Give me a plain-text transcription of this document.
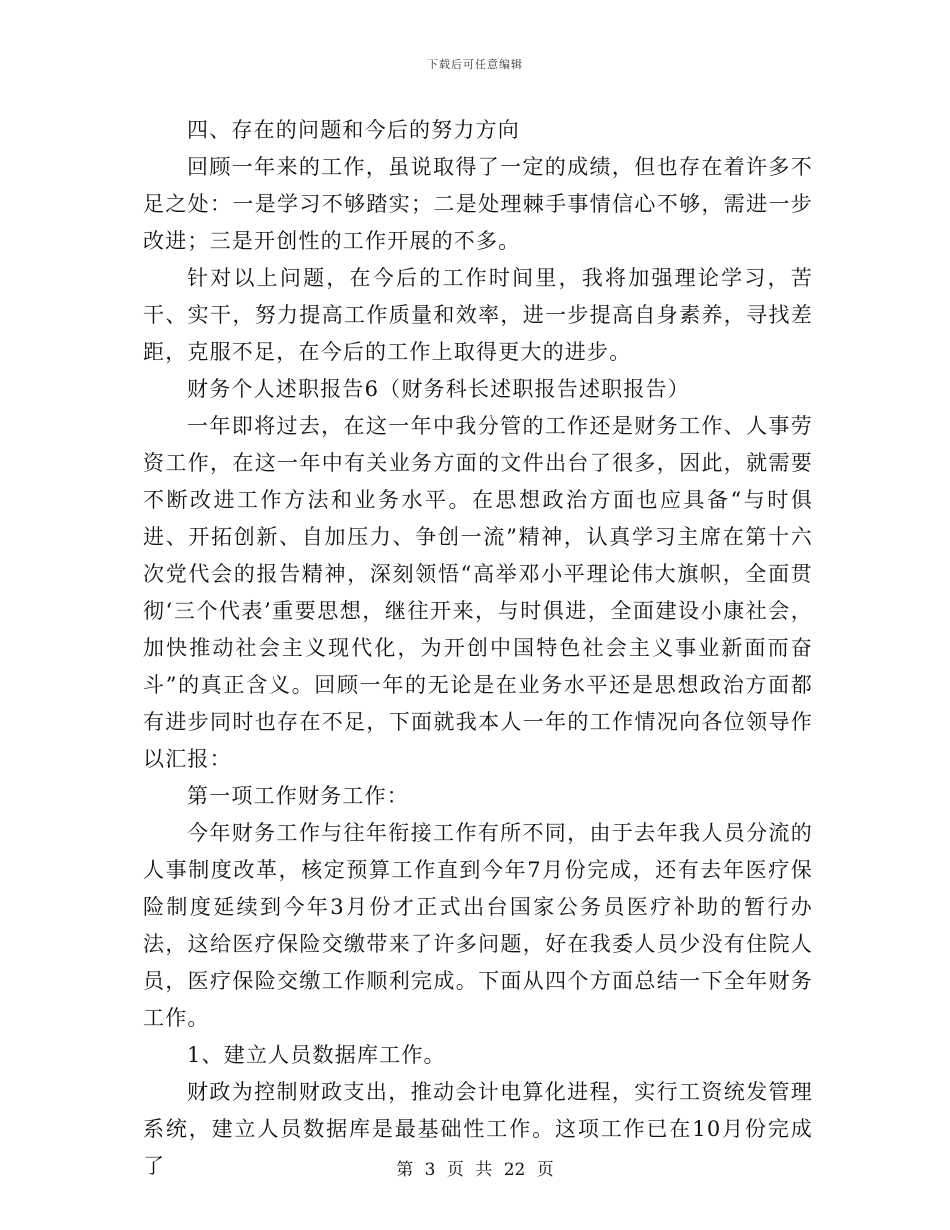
下载后可任意编辑

四、存在的问题和今后的努力方向

回顾一年来的工作，虽说取得了一定的成绩，但也存在着许多不足之处：一是学习不够踏实；二是处理棘手事情信心不够，需进一步改进；三是开创性的工作开展的不多。

针对以上问题，在今后的工作时间里，我将加强理论学习，苦干、实干，努力提高工作质量和效率，进一步提高自身素养，寻找差距，克服不足，在今后的工作上取得更大的进步。

财务个人述职报告6（财务科长述职报告述职报告）

一年即将过去，在这一年中我分管的工作还是财务工作、人事劳资工作，在这一年中有关业务方面的文件出台了很多，因此，就需要不断改进工作方法和业务水平。在思想政治方面也应具备“与时俱进、开拓创新、自加压力、争创一流”精神，认真学习主席在第十六次党代会的报告精神，深刻领悟“高举邓小平理论伟大旗帜，全面贯彻‘三个代表’重要思想，继往开来，与时俱进，全面建设小康社会，加快推动社会主义现代化，为开创中国特色社会主义事业新面而奋斗”的真正含义。回顾一年的无论是在业务水平还是思想政治方面都有进步同时也存在不足，下面就我本人一年的工作情况向各位领导作以汇报：

第一项工作财务工作：

今年财务工作与往年衔接工作有所不同，由于去年我人员分流的人事制度改革，核定预算工作直到今年7月份完成，还有去年医疗保险制度延续到今年3月份才正式出台国家公务员医疗补助的暂行办法，这给医疗保险交缴带来了许多问题，好在我委人员少没有住院人员，医疗保险交缴工作顺利完成。下面从四个方面总结一下全年财务工作。

1、建立人员数据库工作。

财政为控制财政支出，推动会计电算化进程，实行工资统发管理系统，建立人员数据库是最基础性工作。这项工作已在10月份完成了	第 3 页 共 22 页
